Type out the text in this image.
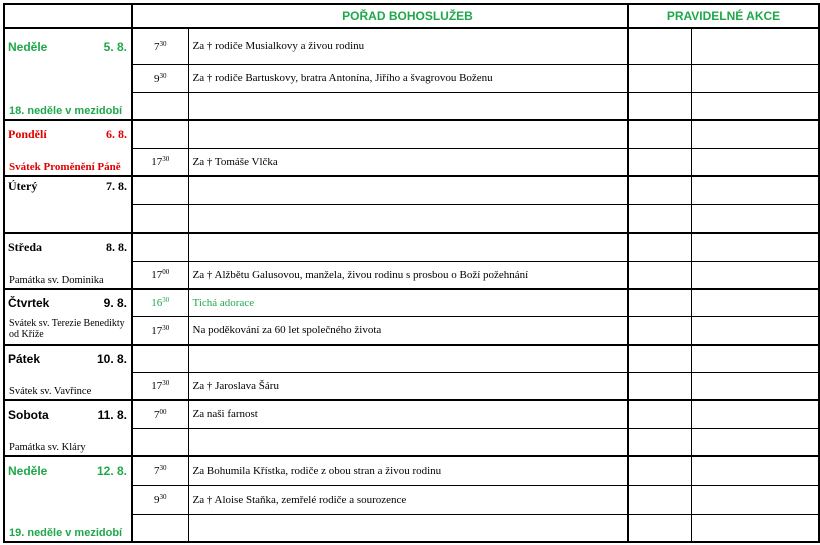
		POŘAD BOHOSLUŽEB	PRAVIDELNÉ AKCE	

Neděle 5. 8.	$7^{30}$	Za † rodiče Musialkovy a živou rodinu		
	$9^{30}$	Za † rodiče Bartuskovy, bratra Antonína, Jiřího a švagrovou Boženu		

18. neděle v mezidobí				

Pondělí 6. 8.				

Svátek Proměnění Páně	$17^{30}$	Za † Tomáše Vlčka		

Úterý 7. 8.				

Středa 8. 8.				

Památka sv. Dominika	$17^{00}$	Za † Alžbětu Galusovou, manžela, živou rodinu s prosbou o Boží požehnání		

Čtvrtek 9. 8.	$16^{30}$	Tichá adorace		

Svátek sv. Terezie Benedikty od Kříže	$17^{30}$	Na poděkování za 60 let společného života		

Pátek 10. 8.				

Svátek sv. Vavřince	$17^{30}$	Za † Jaroslava Šáru		

Sobota 11. 8.	$7^{00}$	Za naši farnost		

Památka sv. Kláry				

Neděle 12. 8.	$7^{30}$	Za Bohumila Křístka, rodiče z obou stran a živou rodinu		
	$9^{30}$	Za † Aloise Staňka, zemřelé rodiče a sourozence		

19. neděle v mezidobí				
